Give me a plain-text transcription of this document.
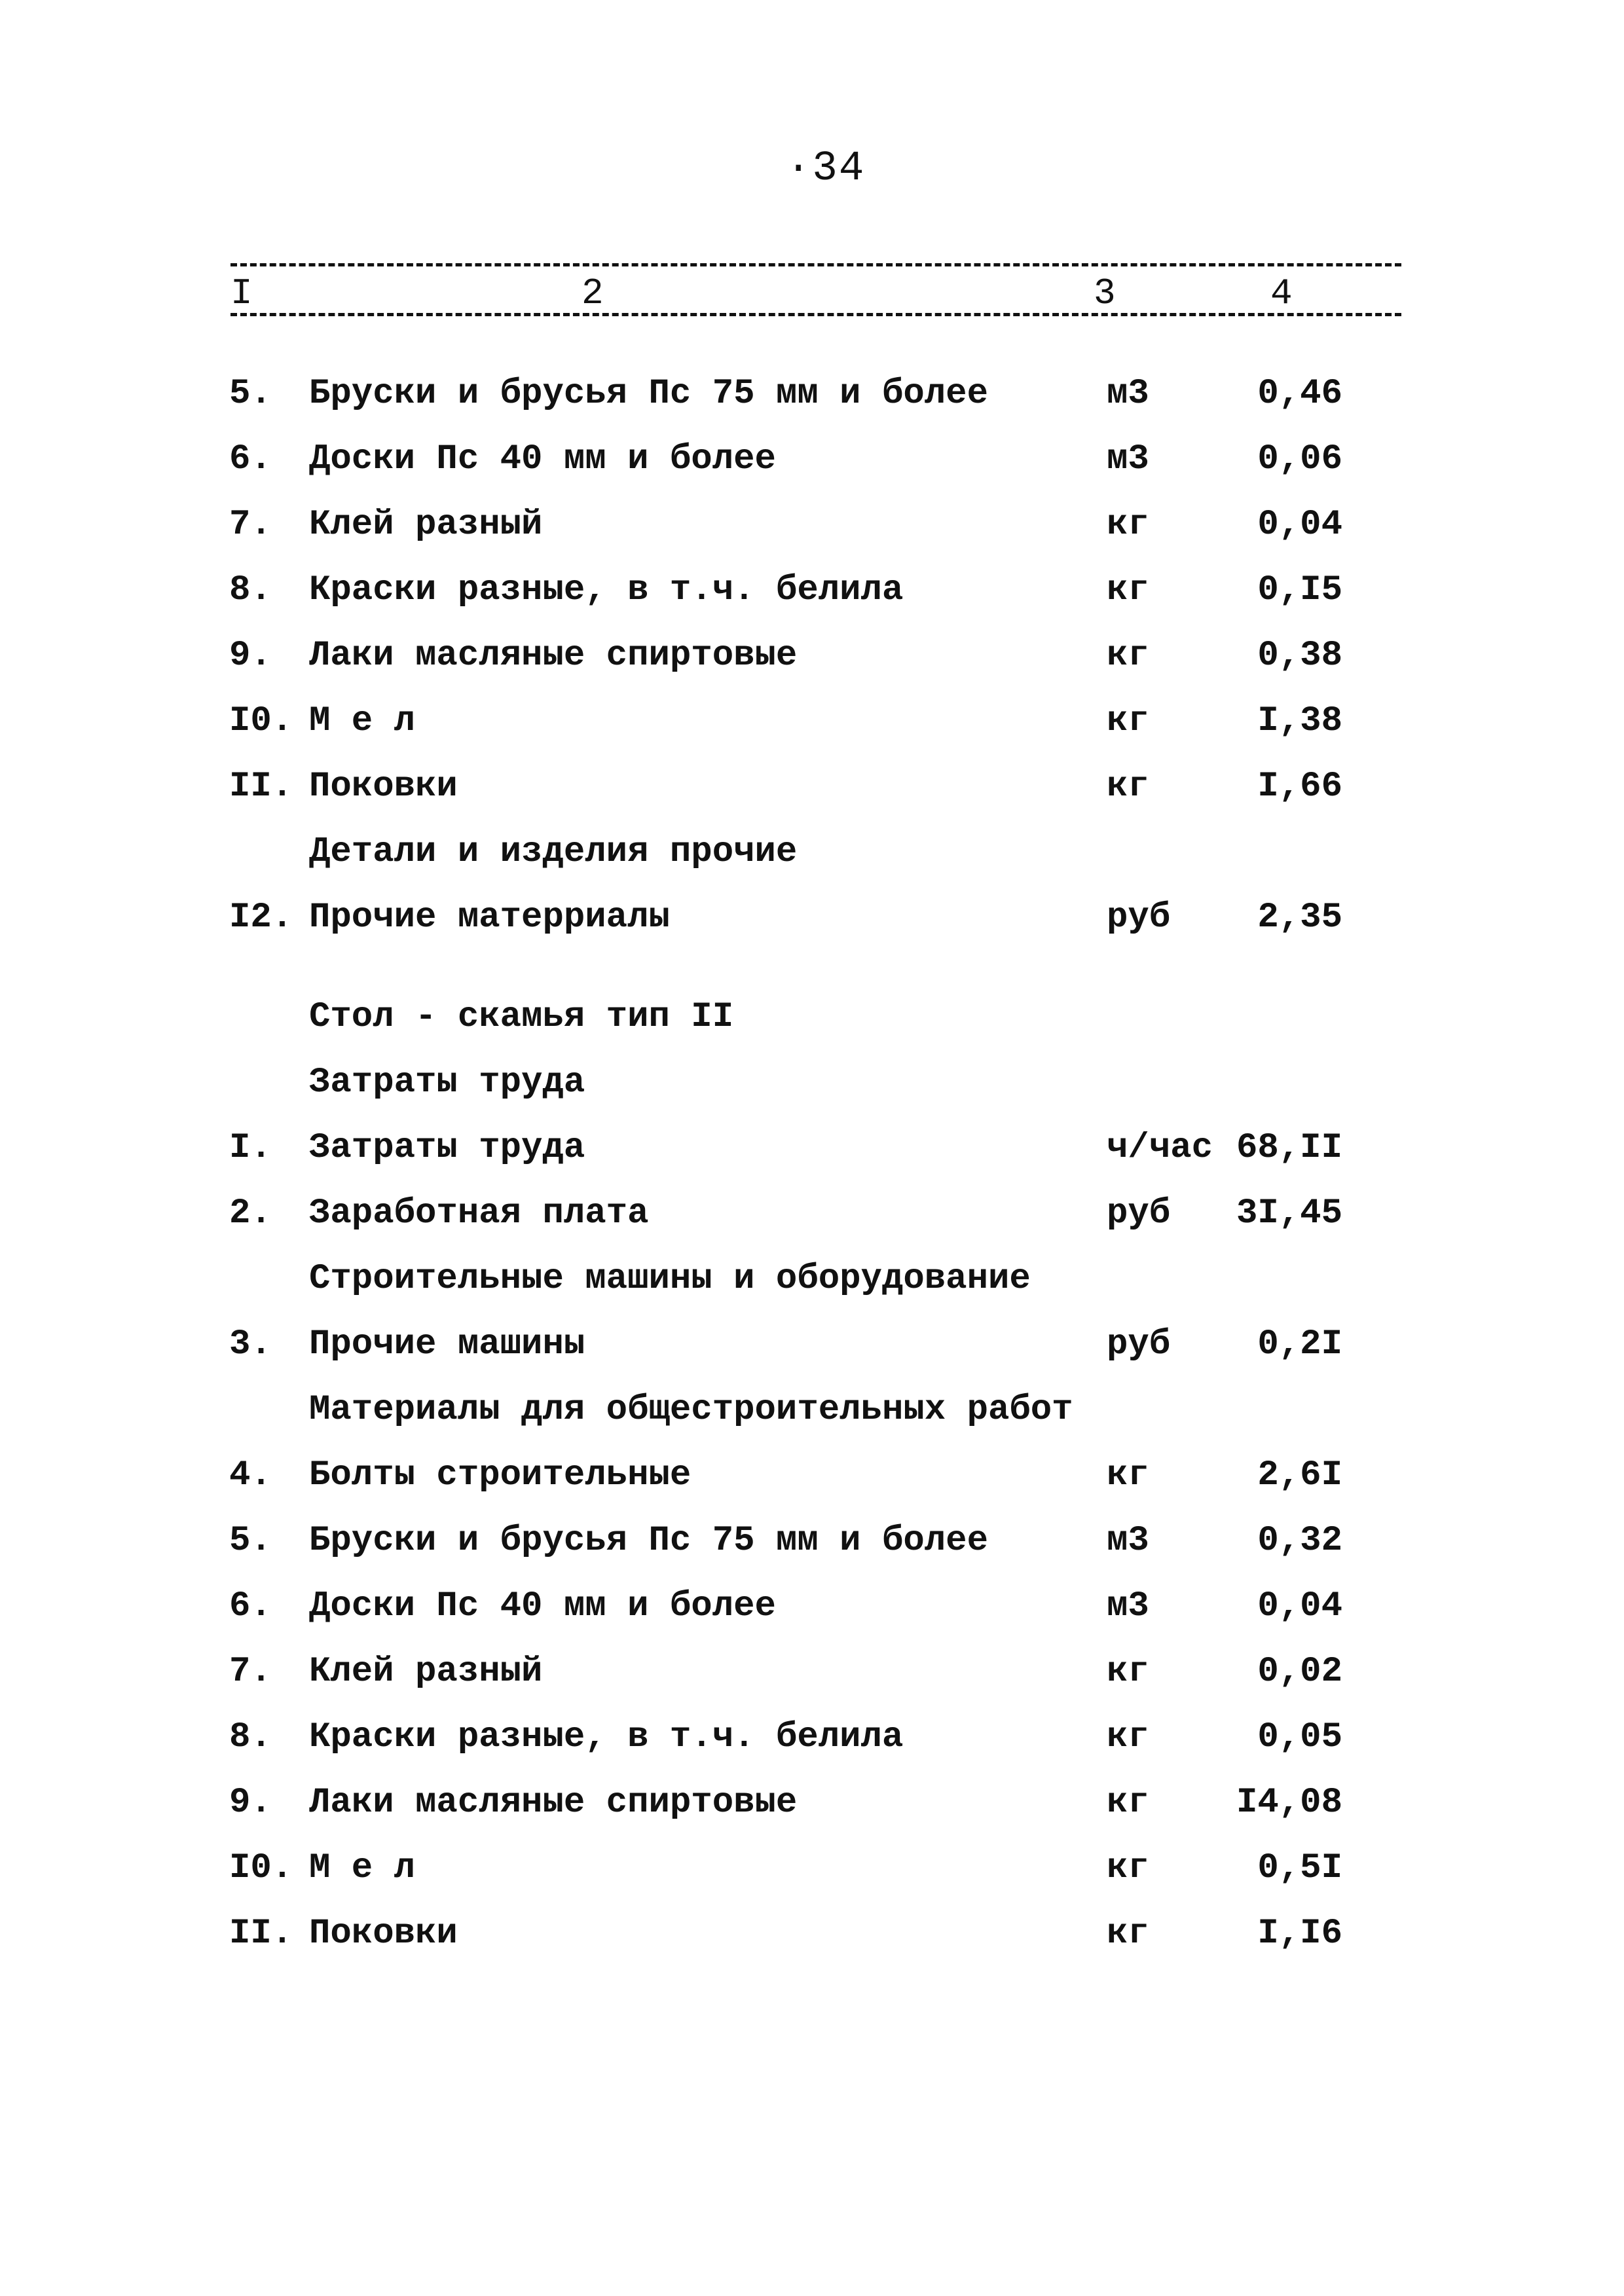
·34
I	2	3	4
5. Бруски и брусья Пс 75 мм и более	м3	0,46
6. Доски Пс 40 мм и более	м3	0,06
7. Клей разный	кг	0,04
8. Краски разные, в т.ч. белила	кг	0,I5
9. Лаки масляные спиртовые	кг	0,38
I0. М е л	кг	I,38
II. Поковки	кг	I,66
Детали и изделия прочие
I2. Прочие матерриалы	руб 2,35
Стол - скамья тип II
Затраты труда
I. Затраты труда	ч/час 68,II
2. Заработная плата	руб 3I,45
Строительные машины и оборудование
3. Прочие машины	руб 0,2I
Материалы для общестроительных работ
4. Болты строительные	кг	2,6I
5. Бруски и брусья Пс 75 мм и более	м3	0,32
6. Доски Пс 40 мм и более	м3	0,04
7. Клей разный	кг	0,02
8. Краски разные, в т.ч. белила	кг	0,05
9. Лаки масляные спиртовые	кг I4,08
I0. М е л	кг	0,5I
II. Поковки	кг	I,I6
